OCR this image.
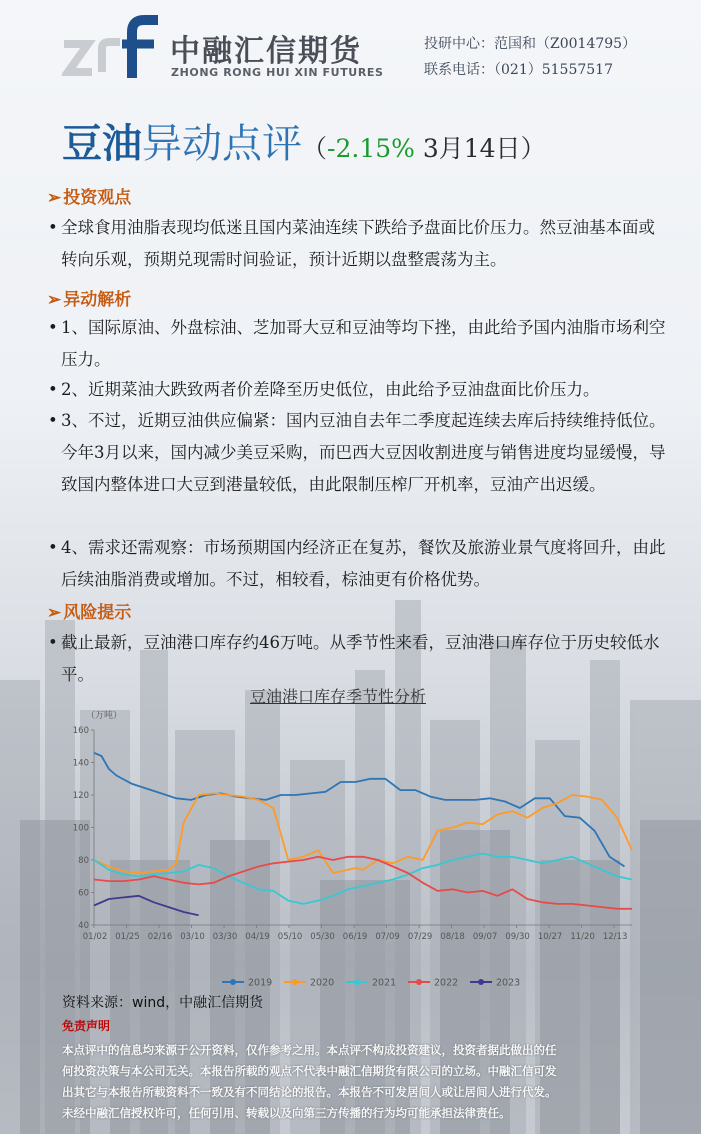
中融汇信期货
ZHONG RONG HUI XIN FUTURES
投研中心：范国和（Z0014795）
联系电话：（021）51557517
豆油异动点评（-2.15% 3月14日）
➢ 投资观点
• 全球食用油脂表现均低迷且国内菜油连续下跌给予盘面比价压力。然豆油基本面或转向乐观，预期兑现需时间验证，预计近期以盘整震荡为主。
➢ 异动解析
• 1、国际原油、外盘棕油、芝加哥大豆和豆油等均下挫，由此给予国内油脂市场利空压力。
• 2、近期菜油大跌致两者价差降至历史低位，由此给予豆油盘面比价压力。
• 3、不过，近期豆油供应偏紧：国内豆油自去年二季度起连续去库后持续维持低位。今年3月以来，国内减少美豆采购，而巴西大豆因收割进度与销售进度均显缓慢，导致国内整体进口大豆到港量较低，由此限制压榨厂开机率，豆油产出迟缓。
• 4、需求还需观察：市场预期国内经济正在复苏，餐饮及旅游业景气度将回升，由此后续油脂消费或增加。不过，相较看，棕油更有价格优势。
➢ 风险提示
• 截止最新，豆油港口库存约46万吨。从季节性来看，豆油港口库存位于历史较低水平。
豆油港口库存季节性分析
（万吨）
40
60
80
100
120
140
160
01/02 01/25 02/16 03/10 03/30 04/19 05/10 05/30 06/19 07/09 07/29 08/18 09/07 09/30 10/27 11/20 12/13
2019	2020	2021	2022	2023
资料来源：wind，中融汇信期货
免责声明
本点评中的信息均来源于公开资料，仅作参考之用。本点评不构成投资建议，投资者据此做出的任
何投资决策与本公司无关。本报告所载的观点不代表中融汇信期货有限公司的立场。中融汇信可发
出其它与本报告所载资料不一致及有不同结论的报告。本报告不可发居间人或让居间人进行代发。
未经中融汇信授权许可，任何引用、转载以及向第三方传播的行为均可能承担法律责任。
